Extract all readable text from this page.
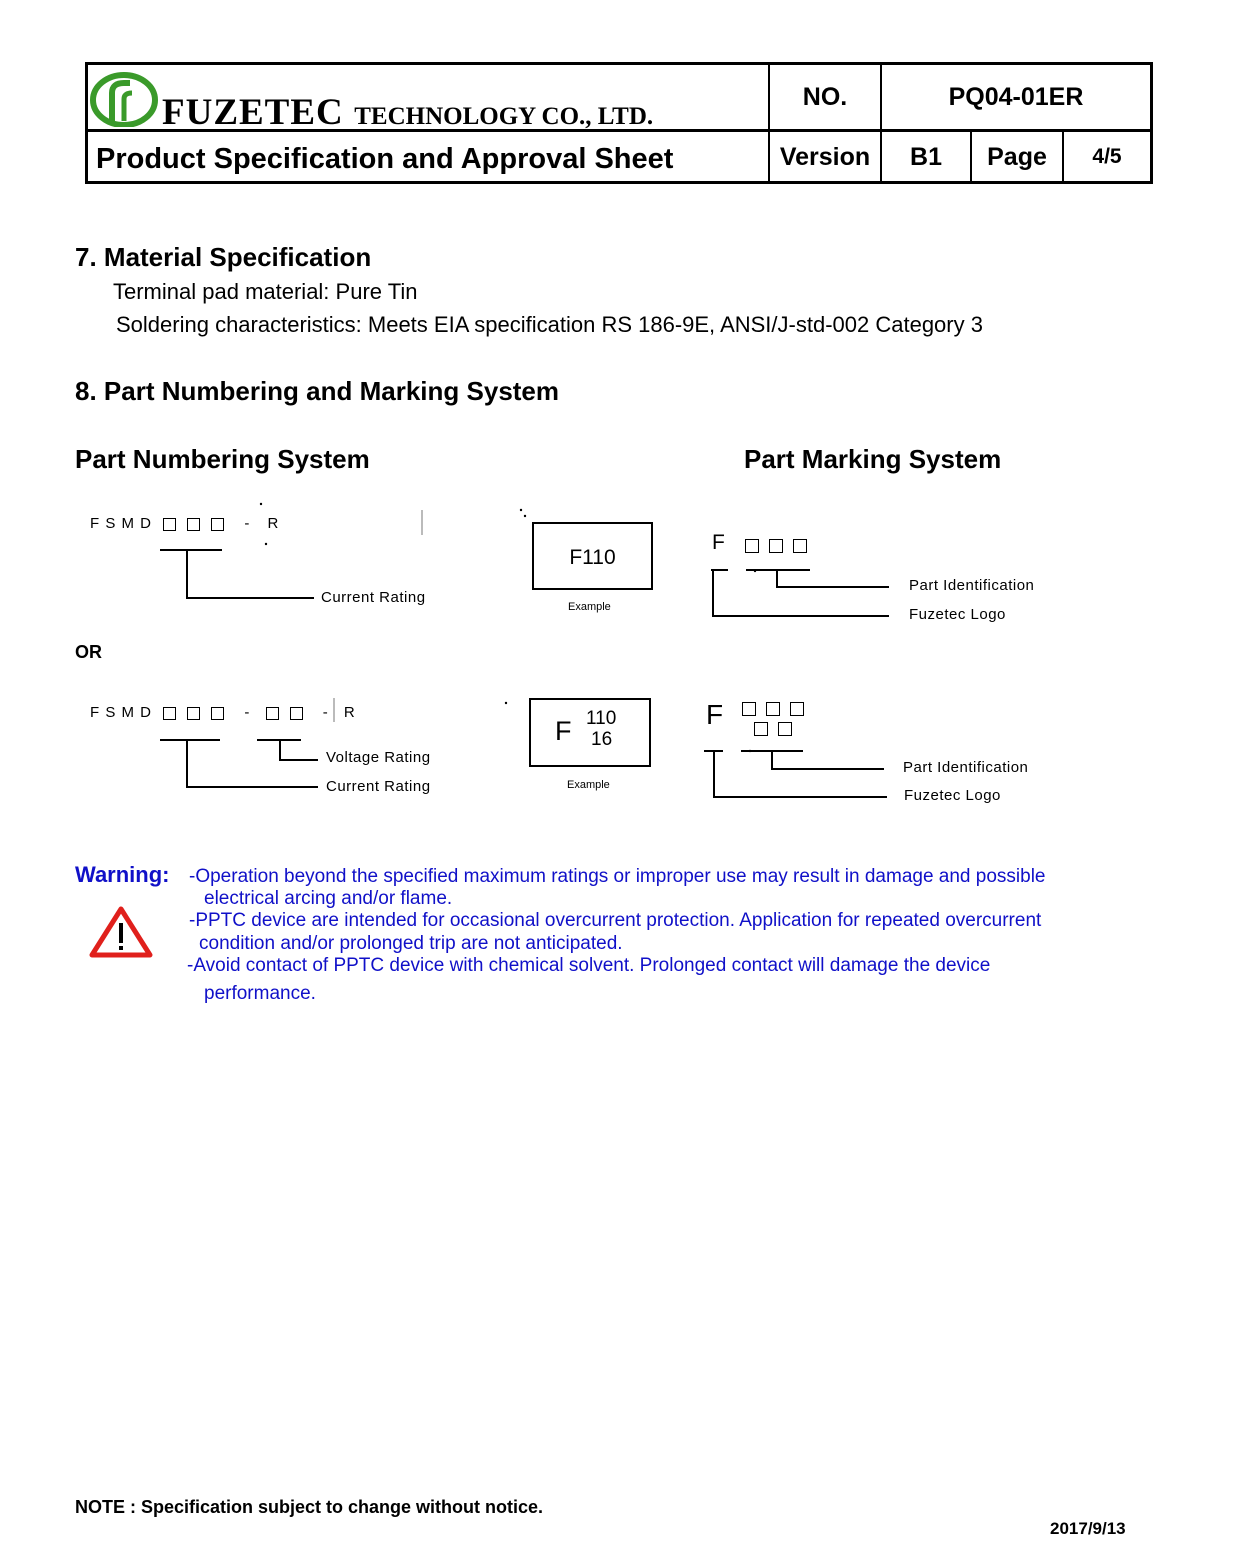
FUZETEC TECHNOLOGY CO., LTD.
NO.	PQ04-01ER
Product Specification and Approval Sheet	Version	B1	Page	4/5
7. Material Specification
Terminal pad material: Pure Tin
Soldering characteristics: Meets EIA specification RS 186-9E, ANSI/J-std-002 Category 3
8. Part Numbering and Marking System
Part Numbering System	Part Marking System
F S M D	- R
Current Rating
F110
Example
F
Part Identification
Fuzetec Logo
OR
F S M D	-	- R
Voltage Rating
Current Rating
F 110
16
Example
F
Part Identification
Fuzetec Logo
Warning: -Operation beyond the specified maximum ratings or improper use may result in damage and possible
electrical arcing and/or flame.
-PPTC device are intended for occasional overcurrent protection. Application for repeated overcurrent
condition and/or prolonged trip are not anticipated.
-Avoid contact of PPTC device with chemical solvent. Prolonged contact will damage the device
performance.
NOTE : Specification subject to change without notice.
2017/9/13
